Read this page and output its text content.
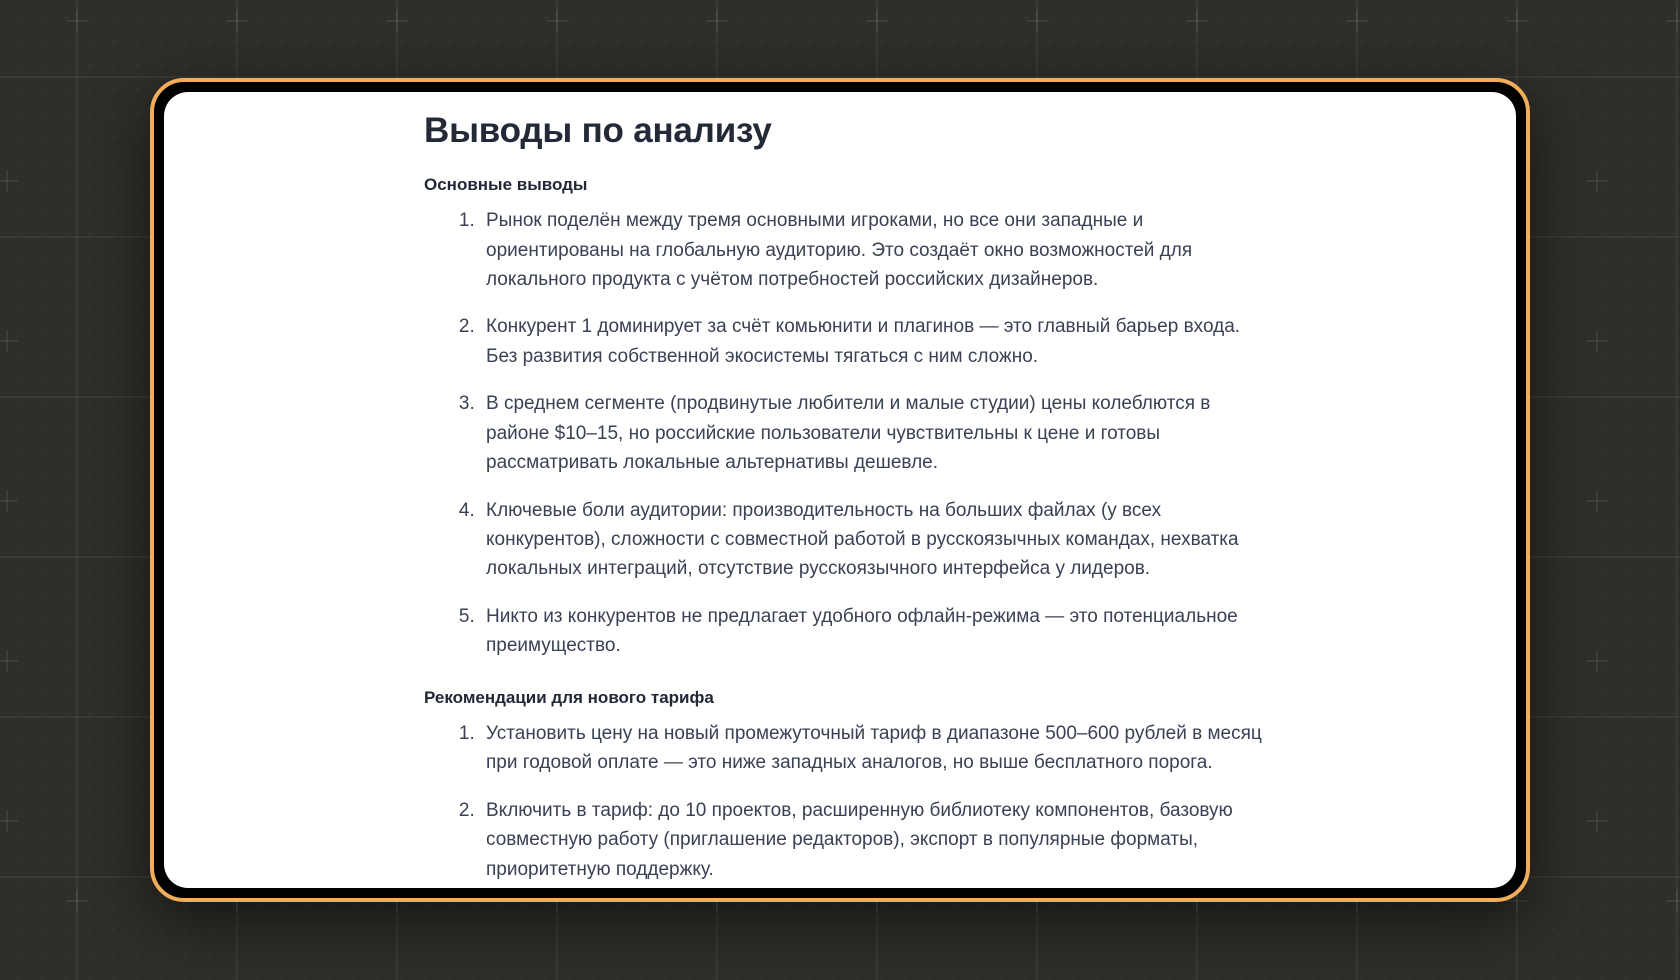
Выводы по анализу
Основные выводы
1. Рынок поделён между тремя основными игроками, но все они западные и ориентированы на глобальную аудиторию. Это создаёт окно возможностей для локального продукта с учётом потребностей российских дизайнеров.
2. Конкурент 1 доминирует за счёт комьюнити и плагинов — это главный барьер входа. Без развития собственной экосистемы тягаться с ним сложно.
3. В среднем сегменте (продвинутые любители и малые студии) цены колеблются в районе $10–15, но российские пользователи чувствительны к цене и готовы рассматривать локальные альтернативы дешевле.
4. Ключевые боли аудитории: производительность на больших файлах (у всех конкурентов), сложности с совместной работой в русскоязычных командах, нехватка локальных интеграций, отсутствие русскоязычного интерфейса у лидеров.
5. Никто из конкурентов не предлагает удобного офлайн-режима — это потенциальное преимущество.
Рекомендации для нового тарифа
1. Установить цену на новый промежуточный тариф в диапазоне 500–600 рублей в месяц при годовой оплате — это ниже западных аналогов, но выше бесплатного порога.
2. Включить в тариф: до 10 проектов, расширенную библиотеку компонентов, базовую совместную работу (приглашение редакторов), экспорт в популярные форматы, приоритетную поддержку.
